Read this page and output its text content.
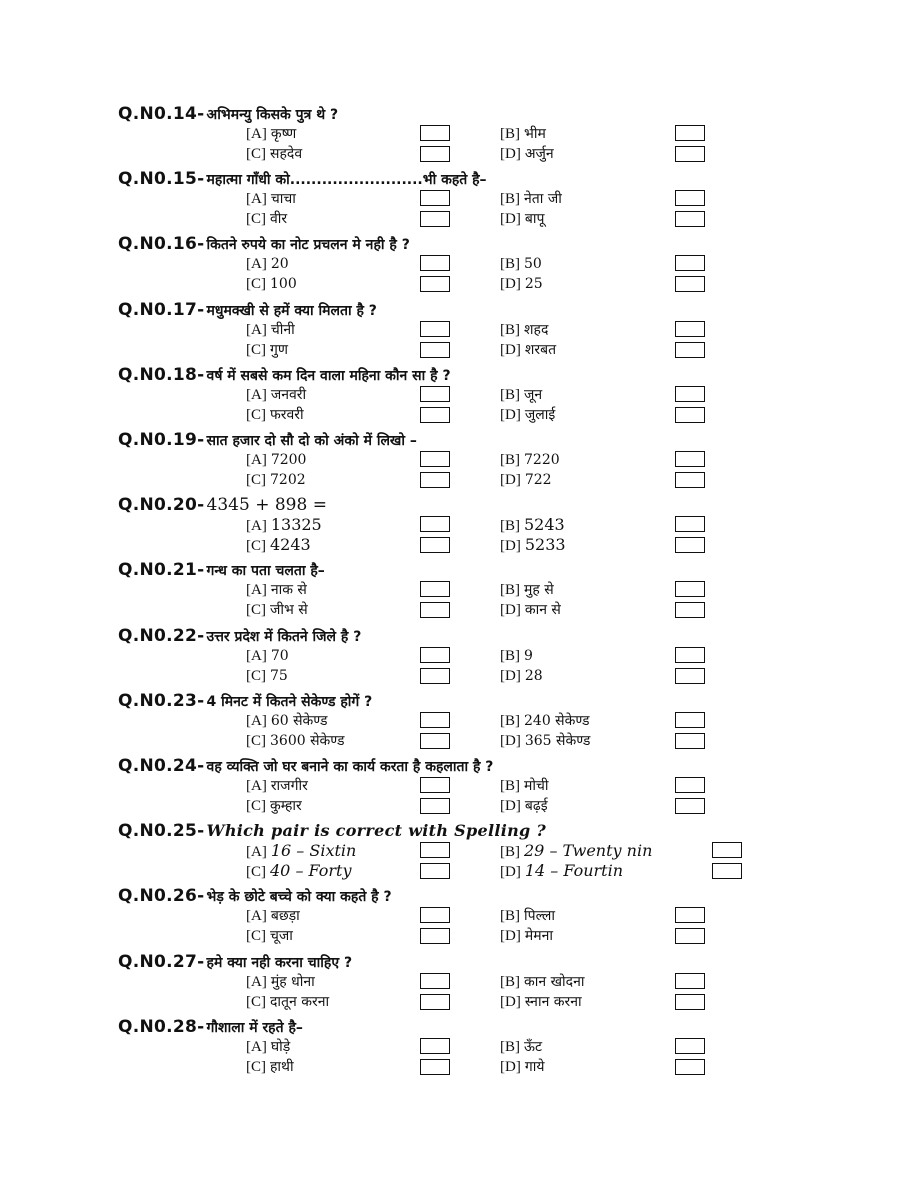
Q.N0.14- अभिमन्यु किसके पुत्र थे ?
[A] कृष्ण	[B] भीम
[C] सहदेव	[D] अर्जुन
Q.N0.15- महात्मा गाँधी को.........................भी कहते है–
[A] चाचा	[B] नेता जी
[C] वीर	[D] बापू
Q.N0.16- कितने रुपये का नोट प्रचलन मे नही है ?
[A] 20	[B] 50
[C] 100	[D] 25
Q.N0.17- मधुमक्खी से हमें क्या मिलता है ?
[A] चीनी	[B] शहद
[C] गुण	[D] शरबत
Q.N0.18- वर्ष में सबसे कम दिन वाला महिना कौन सा है ?
[A] जनवरी	[B] जून
[C] फरवरी	[D] जुलाई
Q.N0.19- सात हजार दो सौ दो को अंको में लिखो –
[A] 7200	[B] 7220
[C] 7202	[D] 722
Q.N0.20- 4345 + 898 =
[A] 13325	[B] 5243
[C] 4243	[D] 5233
Q.N0.21- गन्ध का पता चलता है–
[A] नाक से	[B] मुह से
[C] जीभ से	[D] कान से
Q.N0.22- उत्तर प्रदेश में कितने जिले है ?
[A] 70	[B] 9
[C] 75	[D] 28
Q.N0.23- 4 मिनट में कितने सेकेण्ड होगें ?
[A] 60 सेकेण्ड	[B] 240 सेकेण्ड
[C] 3600 सेकेण्ड	[D] 365 सेकेण्ड
Q.N0.24- वह व्यक्ति जो घर बनाने का कार्य करता है कहलाता है ?
[A] राजगीर	[B] मोची
[C] कुम्हार	[D] बढ़ई
Q.N0.25- Which pair is correct with Spelling ?
[A] 16 – Sixtin	[B] 29 – Twenty nin
[C] 40 – Forty	[D] 14 – Fourtin
Q.N0.26- भेड़ के छोटे बच्चे को क्या कहते है ?
[A] बछड़ा	[B] पिल्ला
[C] चूजा	[D] मेमना
Q.N0.27- हमे क्या नही करना चाहिए ?
[A] मुंह धोना	[B] कान खोदना
[C] दातून करना	[D] स्नान करना
Q.N0.28- गौशाला में रहते है–
[A] घोड़े	[B] ऊँट
[C] हाथी	[D] गाये
